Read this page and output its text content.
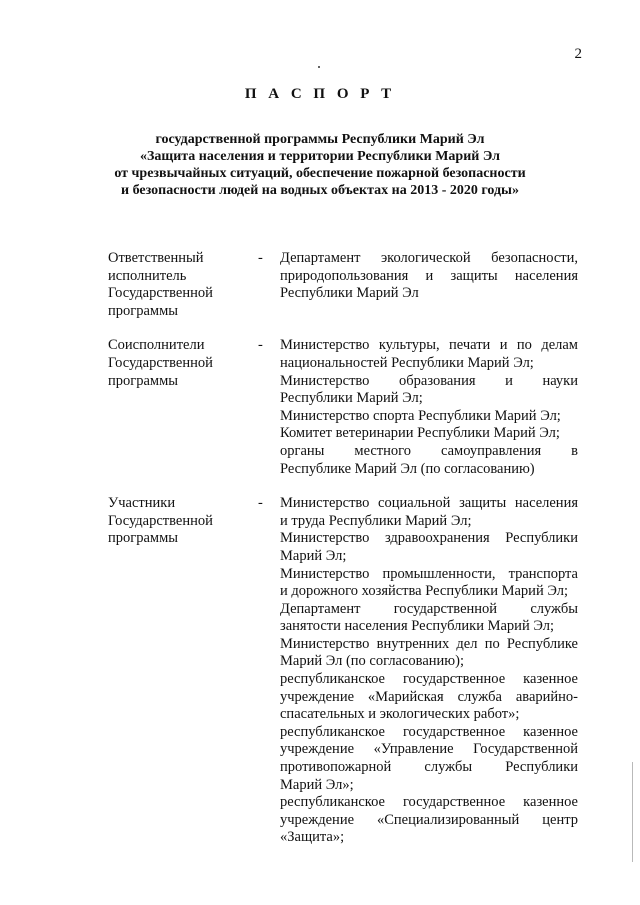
2
П А С П О Р Т
государственной программы Республики Марий Эл
«Защита населения и территории Республики Марий Эл
от чрезвычайных ситуаций, обеспечение пожарной безопасности
и безопасности людей на водных объектах на 2013 - 2020 годы»
Ответственный
исполнитель
Государственной
программы
-	Департамент экологической безопасности,
природопользования и защиты населения
Республики Марий Эл
Соисполнители
Государственной
программы
-	Министерство культуры, печати и по делам
национальностей Республики Марий Эл;
Министерство образования и науки
Республики Марий Эл;
Министерство спорта Республики Марий Эл;
Комитет ветеринарии Республики Марий Эл;
органы местного самоуправления в
Республике Марий Эл (по согласованию)
Участники
Государственной
программы
-	Министерство социальной защиты населения
и труда Республики Марий Эл;
Министерство здравоохранения Республики
Марий Эл;
Министерство промышленности, транспорта
и дорожного хозяйства Республики Марий Эл;
Департамент государственной службы
занятости населения Республики Марий Эл;
Министерство внутренних дел по Республике
Марий Эл (по согласованию);
республиканское государственное казенное
учреждение «Марийская служба аварийно-
спасательных и экологических работ»;
республиканское государственное казенное
учреждение «Управление Государственной
противопожарной службы Республики
Марий Эл»;
республиканское государственное казенное
учреждение «Специализированный центр
«Защита»;
